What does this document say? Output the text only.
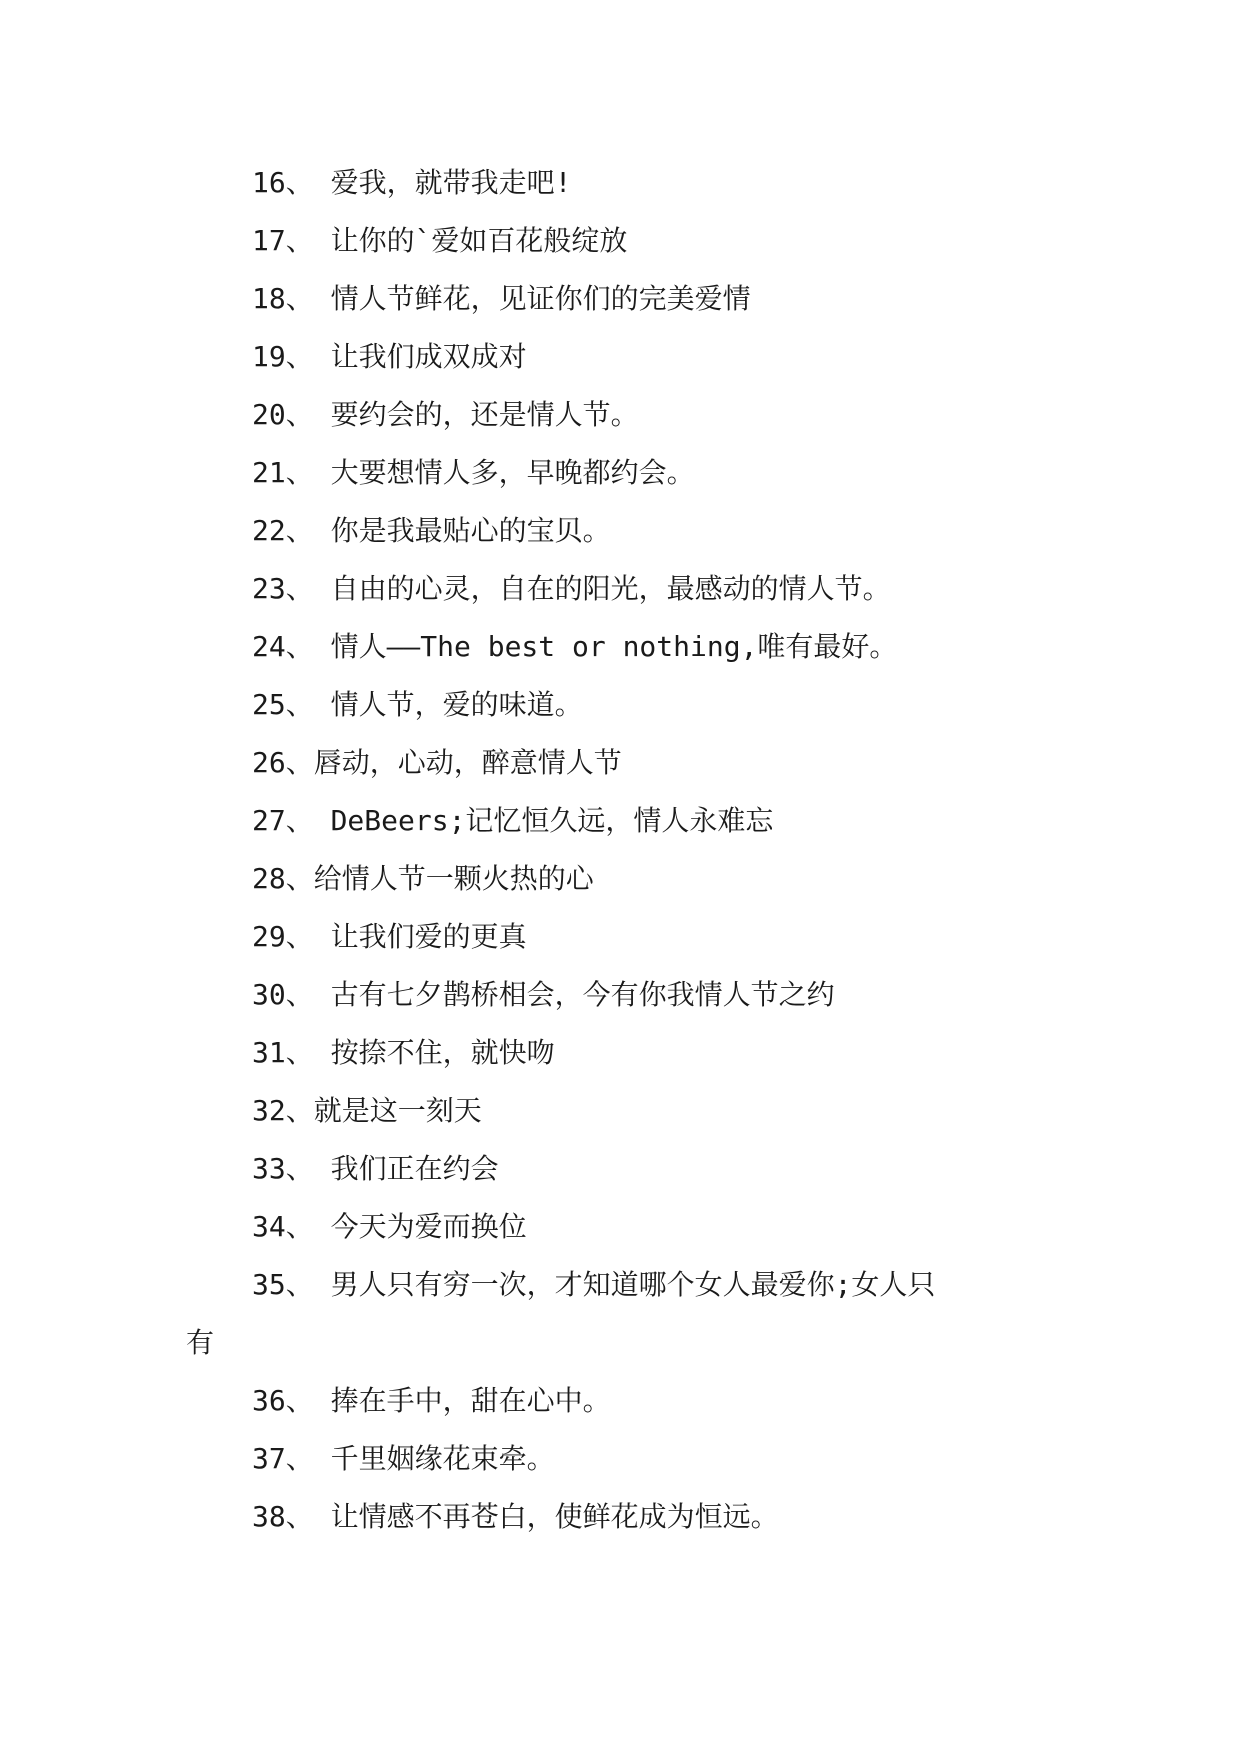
16、 爱我，就带我走吧!
17、 让你的`爱如百花般绽放
18、 情人节鲜花，见证你们的完美爱情
19、 让我们成双成对
20、 要约会的，还是情人节。
21、 大要想情人多，早晚都约会。
22、 你是我最贴心的宝贝。
23、 自由的心灵，自在的阳光，最感动的情人节。
24、 情人——The best or nothing,唯有最好。
25、 情人节，爱的味道。
26、唇动，心动，醉意情人节
27、 DeBeers;记忆恒久远，情人永难忘
28、给情人节一颗火热的心
29、 让我们爱的更真
30、 古有七夕鹊桥相会，今有你我情人节之约
31、 按捺不住，就快吻
32、就是这一刻天
33、 我们正在约会
34、 今天为爱而换位
35、 男人只有穷一次，才知道哪个女人最爱你;女人只
有
36、 捧在手中，甜在心中。
37、 千里姻缘花束牵。
38、 让情感不再苍白，使鲜花成为恒远。
